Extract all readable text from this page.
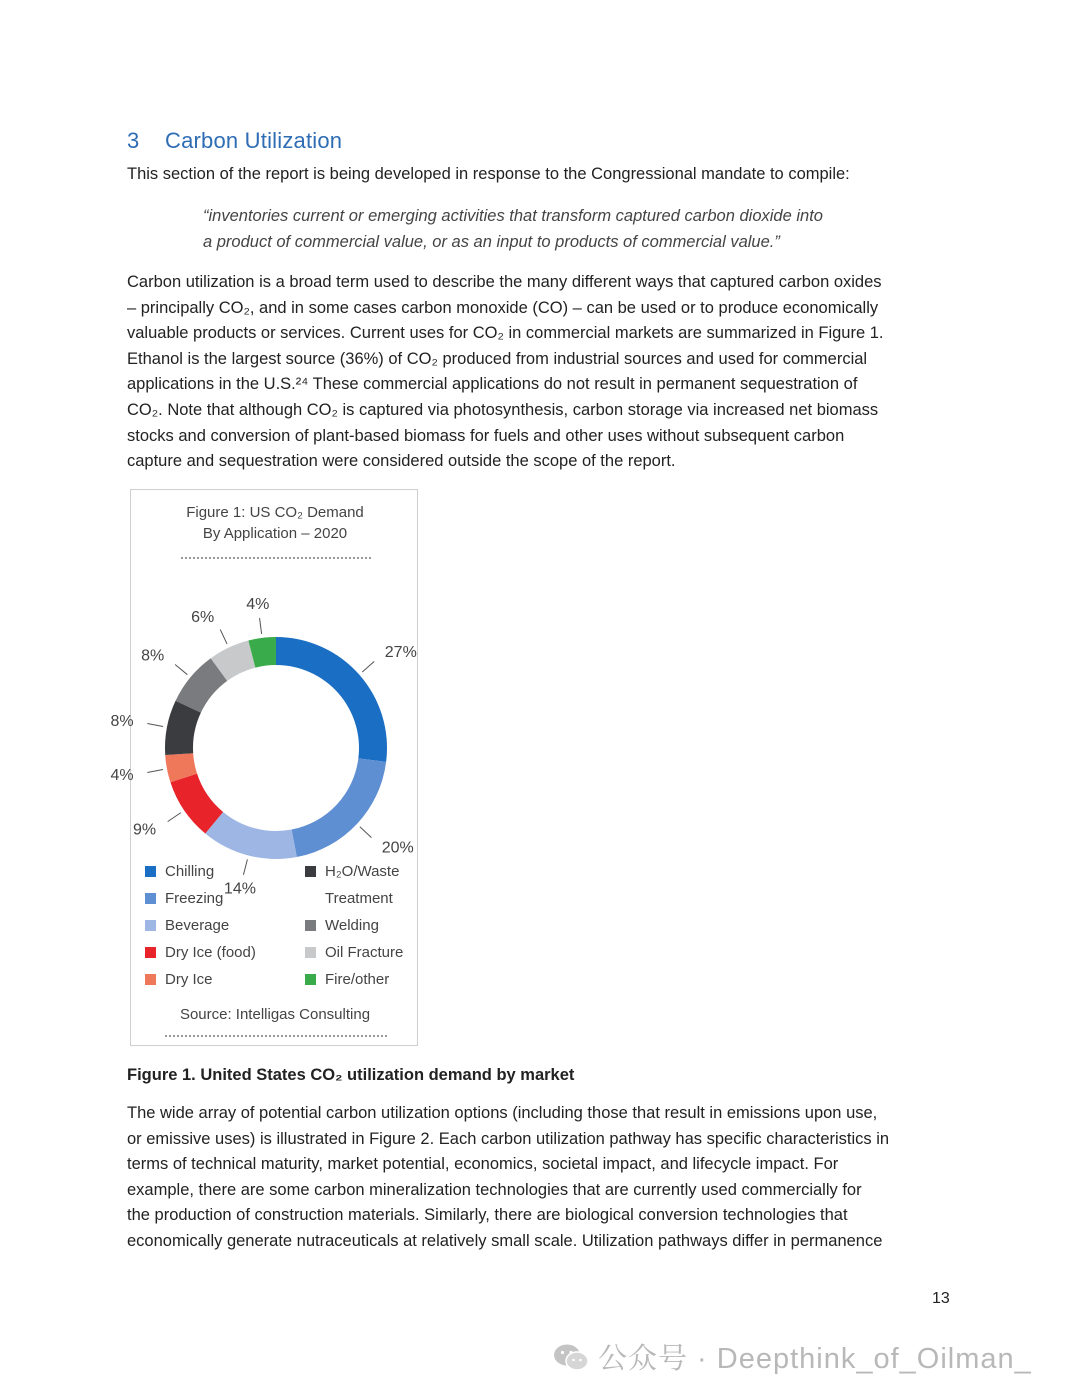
3 Carbon Utilization
This section of the report is being developed in response to the Congressional mandate to compile:

“inventories current or emerging activities that transform captured carbon dioxide into

a product of commercial value, or as an input to products of commercial value.”

Carbon utilization is a broad term used to describe the many different ways that captured carbon oxides

– principally CO₂, and in some cases carbon monoxide (CO) – can be used or to produce economically

valuable products or services. Current uses for CO₂ in commercial markets are summarized in Figure 1.

Ethanol is the largest source (36%) of CO₂ produced from industrial sources and used for commercial

applications in the U.S.²⁴ These commercial applications do not result in permanent sequestration of

CO₂. Note that although CO₂ is captured via photosynthesis, carbon storage via increased net biomass

stocks and conversion of plant-based biomass for fuels and other uses without subsequent carbon

capture and sequestration were considered outside the scope of the report.

Figure 1: US CO₂ Demand
By Application – 2020
27%
20%
14%
9%
4%
8%
8%
6%
4%
Chilling
Freezing
Beverage
Dry Ice (food)
Dry Ice
H₂O/Waste
Treatment
Welding
Oil Fracture
Fire/other
Source: Intelligas Consulting
Figure 1. United States CO₂ utilization demand by market

The wide array of potential carbon utilization options (including those that result in emissions upon use,

or emissive uses) is illustrated in Figure 2. Each carbon utilization pathway has specific characteristics in

terms of technical maturity, market potential, economics, societal impact, and lifecycle impact. For

example, there are some carbon mineralization technologies that are currently used commercially for

the production of construction materials. Similarly, there are biological conversion technologies that

economically generate nutraceuticals at relatively small scale. Utilization pathways differ in permanence

13
公众号 · Deepthink_of_Oilman_
